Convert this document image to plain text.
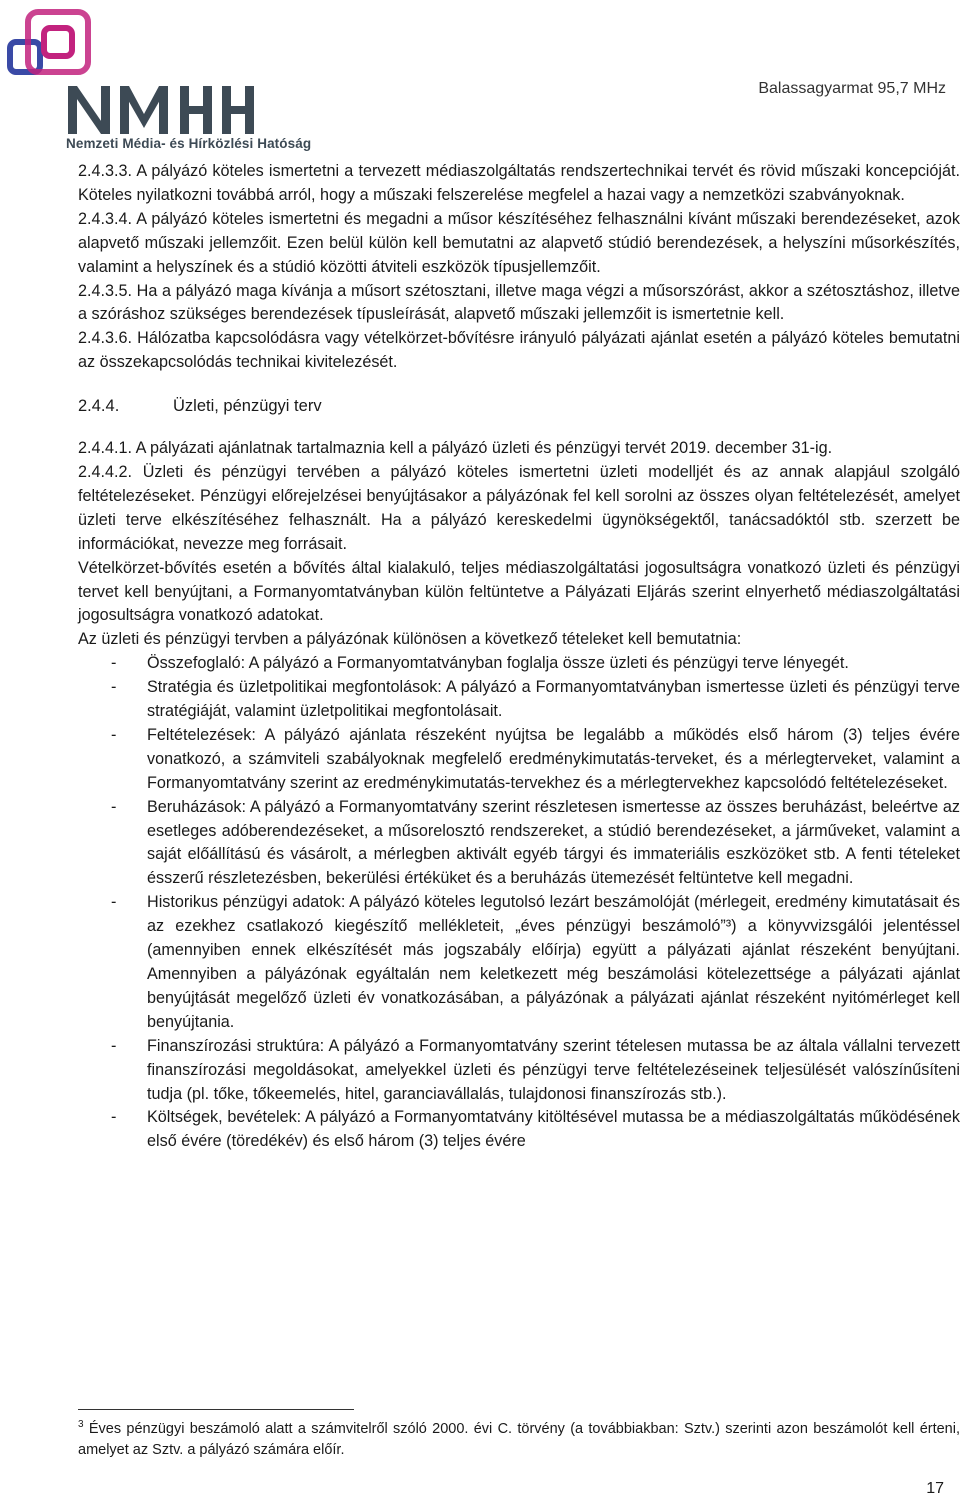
Nemzeti Média- és Hírközlési Hatóság
Balassagyarmat 95,7 MHz

2.4.3.3. A pályázó köteles ismertetni a tervezett médiaszolgáltatás rendszertechnikai tervét és rövid műszaki koncepcióját. Köteles nyilatkozni továbbá arról, hogy a műszaki felszerelése megfelel a hazai vagy a nemzetközi szabványoknak.

2.4.3.4. A pályázó köteles ismertetni és megadni a műsor készítéséhez felhasználni kívánt műszaki berendezéseket, azok alapvető műszaki jellemzőit. Ezen belül külön kell bemutatni az alapvető stúdió berendezések, a helyszíni műsorkészítés, valamint a helyszínek és a stúdió közötti átviteli eszközök típusjellemzőit.

2.4.3.5. Ha a pályázó maga kívánja a műsort szétosztani, illetve maga végzi a műsorszórást, akkor a szétosztáshoz, illetve a szóráshoz szükséges berendezések típusleírását, alapvető műszaki jellemzőit is ismertetnie kell.

2.4.3.6. Hálózatba kapcsolódásra vagy vételkörzet-bővítésre irányuló pályázati ajánlat esetén a pályázó köteles bemutatni az összekapcsolódás technikai kivitelezését.

2.4.4.	Üzleti, pénzügyi terv

2.4.4.1. A pályázati ajánlatnak tartalmaznia kell a pályázó üzleti és pénzügyi tervét 2019. december 31-ig.

2.4.4.2. Üzleti és pénzügyi tervében a pályázó köteles ismertetni üzleti modelljét és az annak alapjául szolgáló feltételezéseket. Pénzügyi előrejelzései benyújtásakor a pályázónak fel kell sorolni az összes olyan feltételezését, amelyet üzleti terve elkészítéséhez felhasznált. Ha a pályázó kereskedelmi ügynökségektől, tanácsadóktól stb. szerzett be információkat, nevezze meg forrásait.

Vételkörzet-bővítés esetén a bővítés által kialakuló, teljes médiaszolgáltatási jogosultságra vonatkozó üzleti és pénzügyi tervet kell benyújtani, a Formanyomtatványban külön feltüntetve a Pályázati Eljárás szerint elnyerhető médiaszolgáltatási jogosultságra vonatkozó adatokat.

Az üzleti és pénzügyi tervben a pályázónak különösen a következő tételeket kell bemutatnia:

- Összefoglaló: A pályázó a Formanyomtatványban foglalja össze üzleti és pénzügyi terve lényegét.
- Stratégia és üzletpolitikai megfontolások: A pályázó a Formanyomtatványban ismertesse üzleti és pénzügyi terve stratégiáját, valamint üzletpolitikai megfontolásait.
- Feltételezések: A pályázó ajánlata részeként nyújtsa be legalább a működés első három (3) teljes évére vonatkozó, a számviteli szabályoknak megfelelő eredménykimutatás-terveket, és a mérlegterveket, valamint a Formanyomtatvány szerint az eredménykimutatás-tervekhez és a mérlegtervekhez kapcsolódó feltételezéseket.
- Beruházások: A pályázó a Formanyomtatvány szerint részletesen ismertesse az összes beruházást, beleértve az esetleges adóberendezéseket, a műsorelosztó rendszereket, a stúdió berendezéseket, a járműveket, valamint a saját előállítású és vásárolt, a mérlegben aktivált egyéb tárgyi és immateriális eszközöket stb. A fenti tételeket ésszerű részletezésben, bekerülési értéküket és a beruházás ütemezését feltüntetve kell megadni.
- Historikus pénzügyi adatok: A pályázó köteles legutolsó lezárt beszámolóját (mérlegeit, eredmény kimutatásait és az ezekhez csatlakozó kiegészítő mellékleteit, „éves pénzügyi beszámoló”³) a könyvvizsgálói jelentéssel (amennyiben ennek elkészítését más jogszabály előírja) együtt a pályázati ajánlat részeként benyújtani. Amennyiben a pályázónak egyáltalán nem keletkezett még beszámolási kötelezettsége a pályázati ajánlat benyújtását megelőző üzleti év vonatkozásában, a pályázónak a pályázati ajánlat részeként nyitómérleget kell benyújtania.
- Finanszírozási struktúra: A pályázó a Formanyomtatvány szerint tételesen mutassa be az általa vállalni tervezett finanszírozási megoldásokat, amelyekkel üzleti és pénzügyi terve feltételezéseinek teljesülését valószínűsíteni tudja (pl. tőke, tőkeemelés, hitel, garanciavállalás, tulajdonosi finanszírozás stb.).
- Költségek, bevételek: A pályázó a Formanyomtatvány kitöltésével mutassa be a médiaszolgáltatás működésének első évére (töredékév) és első három (3) teljes évére
$^3$ Éves pénzügyi beszámoló alatt a számvitelről szóló 2000. évi C. törvény (a továbbiakban: Sztv.) szerinti azon beszámolót kell érteni, amelyet az Sztv. a pályázó számára előír.
17
